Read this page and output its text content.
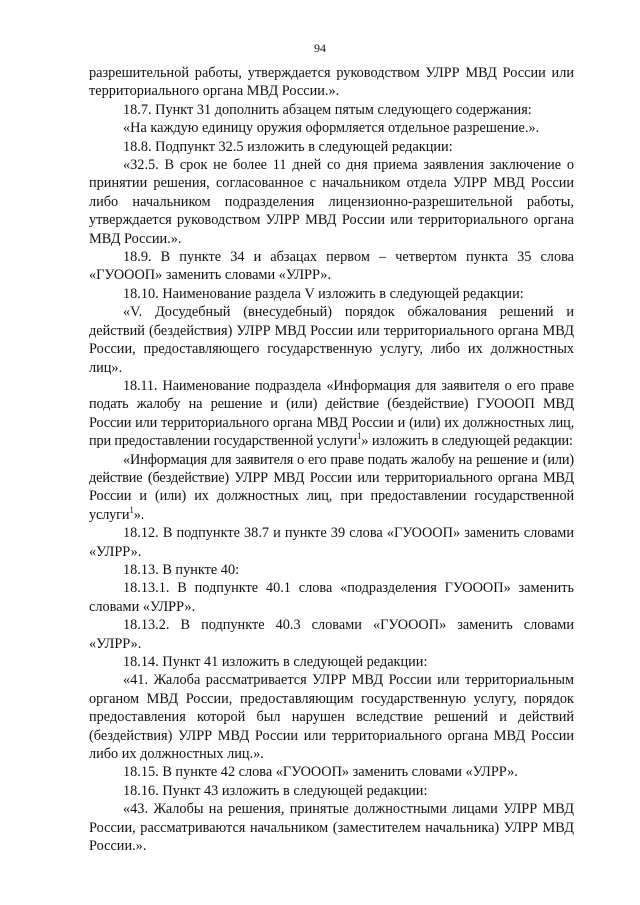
94

разрешительной работы, утверждается руководством УЛРР МВД России или территориального органа МВД России.».

18.7. Пункт 31 дополнить абзацем пятым следующего содержания:

«На каждую единицу оружия оформляется отдельное разрешение.».

18.8. Подпункт 32.5 изложить в следующей редакции:

«32.5. В срок не более 11 дней со дня приема заявления заключение о принятии решения, согласованное с начальником отдела УЛРР МВД России либо начальником подразделения лицензионно-разрешительной работы, утверждается руководством УЛРР МВД России или территориального органа МВД России.».

18.9. В пункте 34 и абзацах первом – четвертом пункта 35 слова «ГУОООП» заменить словами «УЛРР».

18.10. Наименование раздела V изложить в следующей редакции:

«V. Досудебный (внесудебный) порядок обжалования решений и действий (бездействия) УЛРР МВД России или территориального органа МВД России, предоставляющего государственную услугу, либо их должностных лиц».

18.11. Наименование подраздела «Информация для заявителя о его праве подать жалобу на решение и (или) действие (бездействие) ГУОООП МВД России или территориального органа МВД России и (или) их должностных лиц, при предоставлении государственной услуги$^1$» изложить в следующей редакции:

«Информация для заявителя о его праве подать жалобу на решение и (или) действие (бездействие) УЛРР МВД России или территориального органа МВД России и (или) их должностных лиц, при предоставлении государственной услуги$^1$».

18.12. В подпункте 38.7 и пункте 39 слова «ГУОООП» заменить словами «УЛРР».

18.13. В пункте 40:

18.13.1. В подпункте 40.1 слова «подразделения ГУОООП» заменить словами «УЛРР».

18.13.2. В подпункте 40.3 словами «ГУОООП» заменить словами «УЛРР».

18.14. Пункт 41 изложить в следующей редакции:

«41. Жалоба рассматривается УЛРР МВД России или территориальным органом МВД России, предоставляющим государственную услугу, порядок предоставления которой был нарушен вследствие решений и действий (бездействия) УЛРР МВД России или территориального органа МВД России либо их должностных лиц.».

18.15. В пункте 42 слова «ГУОООП» заменить словами «УЛРР».

18.16. Пункт 43 изложить в следующей редакции:

«43. Жалобы на решения, принятые должностными лицами УЛРР МВД России, рассматриваются начальником (заместителем начальника) УЛРР МВД России.».
